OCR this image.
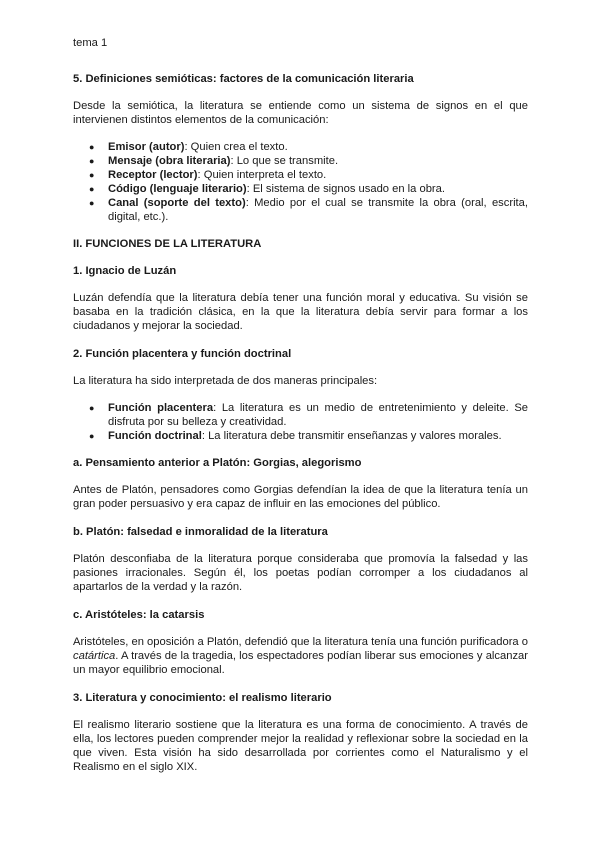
tema 1
5. Definiciones semióticas: factores de la comunicación literaria

Desde la semiótica, la literatura se entiende como un sistema de signos en el que intervienen distintos elementos de la comunicación:

● Emisor (autor): Quien crea el texto.
● Mensaje (obra literaria): Lo que se transmite.
● Receptor (lector): Quien interpreta el texto.
● Código (lenguaje literario): El sistema de signos usado en la obra.
● Canal (soporte del texto): Medio por el cual se transmite la obra (oral, escrita, digital, etc.).
II. FUNCIONES DE LA LITERATURA
1. Ignacio de Luzán

Luzán defendía que la literatura debía tener una función moral y educativa. Su visión se basaba en la tradición clásica, en la que la literatura debía servir para formar a los ciudadanos y mejorar la sociedad.

2. Función placentera y función doctrinal

La literatura ha sido interpretada de dos maneras principales:

● Función placentera: La literatura es un medio de entretenimiento y deleite. Se disfruta por su belleza y creatividad.
● Función doctrinal: La literatura debe transmitir enseñanzas y valores morales.
a. Pensamiento anterior a Platón: Gorgias, alegorismo

Antes de Platón, pensadores como Gorgias defendían la idea de que la literatura tenía un gran poder persuasivo y era capaz de influir en las emociones del público.

b. Platón: falsedad e inmoralidad de la literatura

Platón desconfiaba de la literatura porque consideraba que promovía la falsedad y las pasiones irracionales. Según él, los poetas podían corromper a los ciudadanos al apartarlos de la verdad y la razón.

c. Aristóteles: la catarsis

Aristóteles, en oposición a Platón, defendió que la literatura tenía una función purificadora o catártica. A través de la tragedia, los espectadores podían liberar sus emociones y alcanzar un mayor equilibrio emocional.

3. Literatura y conocimiento: el realismo literario

El realismo literario sostiene que la literatura es una forma de conocimiento. A través de ella, los lectores pueden comprender mejor la realidad y reflexionar sobre la sociedad en la que viven. Esta visión ha sido desarrollada por corrientes como el Naturalismo y el Realismo en el siglo XIX.
